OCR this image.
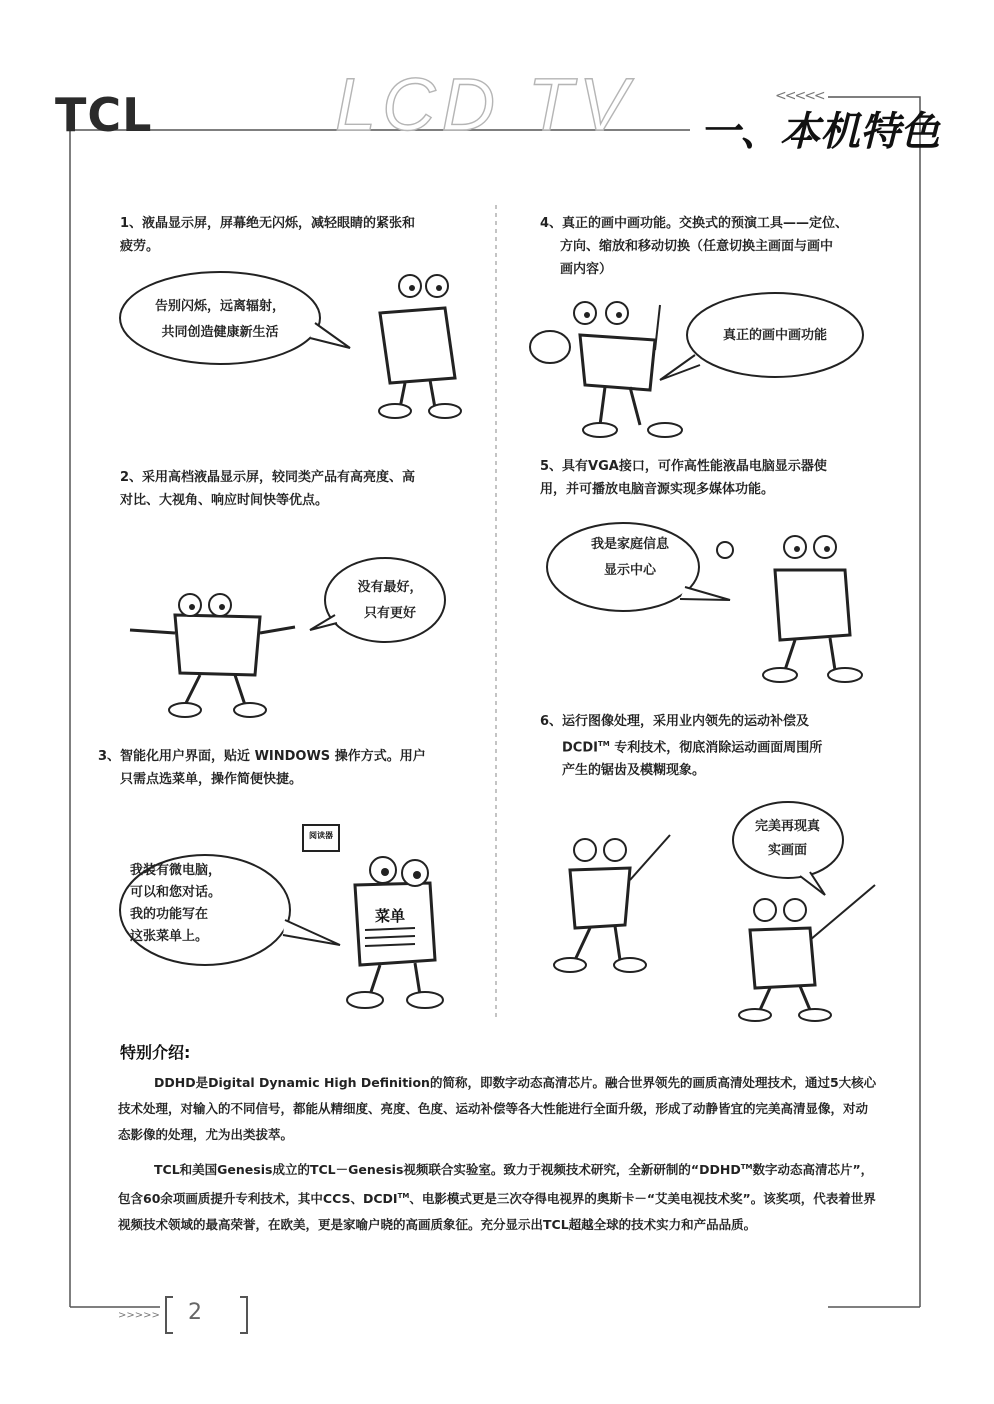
TCL LCD TV	<<<<<
一、本机特色
1、液晶显示屏，屏幕绝无闪烁，减轻眼睛的紧张和
疲劳。
告别闪烁，远离辐射，
共同创造健康新生活
2、采用高档液晶显示屏，较同类产品有高亮度、高
对比、大视角、响应时间快等优点。
没有最好，
只有更好
3、智能化用户界面，贴近 WINDOWS 操作方式。用户
只需点选菜单，操作简便快捷。
阅读器
菜单
我装有微电脑，
可以和您对话。
我的功能写在
这张菜单上。
4、真正的画中画功能。交换式的预演工具——定位、
方向、缩放和移动切换（任意切换主画面与画中
画内容）
真正的画中画功能
5、具有VGA接口，可作高性能液晶电脑显示器使
用，并可播放电脑音源实现多媒体功能。
我是家庭信息
显示中心
6、运行图像处理，采用业内领先的运动补偿及
DCDI™ 专利技术，彻底消除运动画面周围所
产生的锯齿及模糊现象。
完美再现真
实画面
特别介绍:
DDHD是Digital Dynamic High Definition的简称，即数字动态高清芯片。融合世界领先的画质高清处理技术，通过5大核心技术处理，对输入的不同信号，都能从精细度、亮度、色度、运动补偿等各大性能进行全面升级，形成了动静皆宜的完美高清显像，对动态影像的处理，尤为出类拔萃。
TCL和美国Genesis成立的TCL－Genesis视频联合实验室。致力于视频技术研究，全新研制的“DDHD™数字动态高清芯片”，包含60余项画质提升专利技术，其中CCS、DCDI™、电影模式更是三次夺得电视界的奥斯卡－“艾美电视技术奖”。该奖项，代表着世界视频技术领域的最高荣誉，在欧美，更是家喻户晓的高画质象征。充分显示出TCL超越全球的技术实力和产品品质。
>>>>> 2
